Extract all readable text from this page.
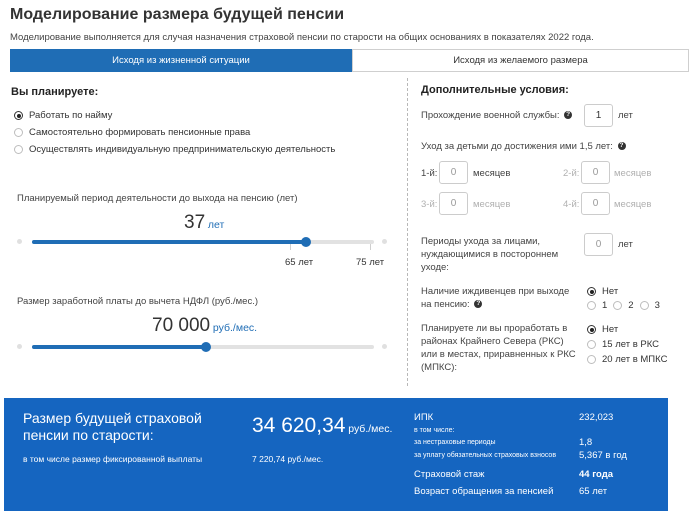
Моделирование размера будущей пенсии
Моделирование выполняется для случая назначения страховой пенсии по старости на общих основаниях в показателях 2022 года.
Исходя из жизненной ситуации	Исходя из желаемого размера
Вы планируете:
Работать по найму
Самостоятельно формировать пенсионные права
Осуществлять индивидуальную предпринимательскую деятельность
Планируемый период деятельности до выхода на пенсию (лет)
37 лет
65 лет	75 лет
Размер заработной платы до вычета НДФЛ (руб./мес.)
70 000 руб./мес.
Дополнительные условия:
Прохождение военной службы: ?	1	лет
Уход за детьми до достижения ими 1,5 лет: ?
1-й:	0	месяцев	2-й:	0	месяцев
3-й:	0	месяцев	4-й:	0	месяцев
Периоды ухода за лицами,
нуждающимися в постороннем
уходе:
0	лет
Наличие иждивенцев при выходе
на пенсию: ?
Нет
1 2 3
Планируете ли вы проработать в
районах Крайнего Севера (РКС)
или в местах, приравненных к РКС
(МПКС):
Нет
15 лет в РКС
20 лет в МПКС
Размер будущей страховой
пенсии по старости:	34 620,34 руб./мес.
в том числе размер фиксированной выплаты	7 220,74 руб./мес.
ИПК	232,023
в том числе:
за нестраховые периоды	1,8
за уплату обязательных страховых взносов 5,367 в год
Страховой стаж	44 года
Возраст обращения за пенсией	65 лет
